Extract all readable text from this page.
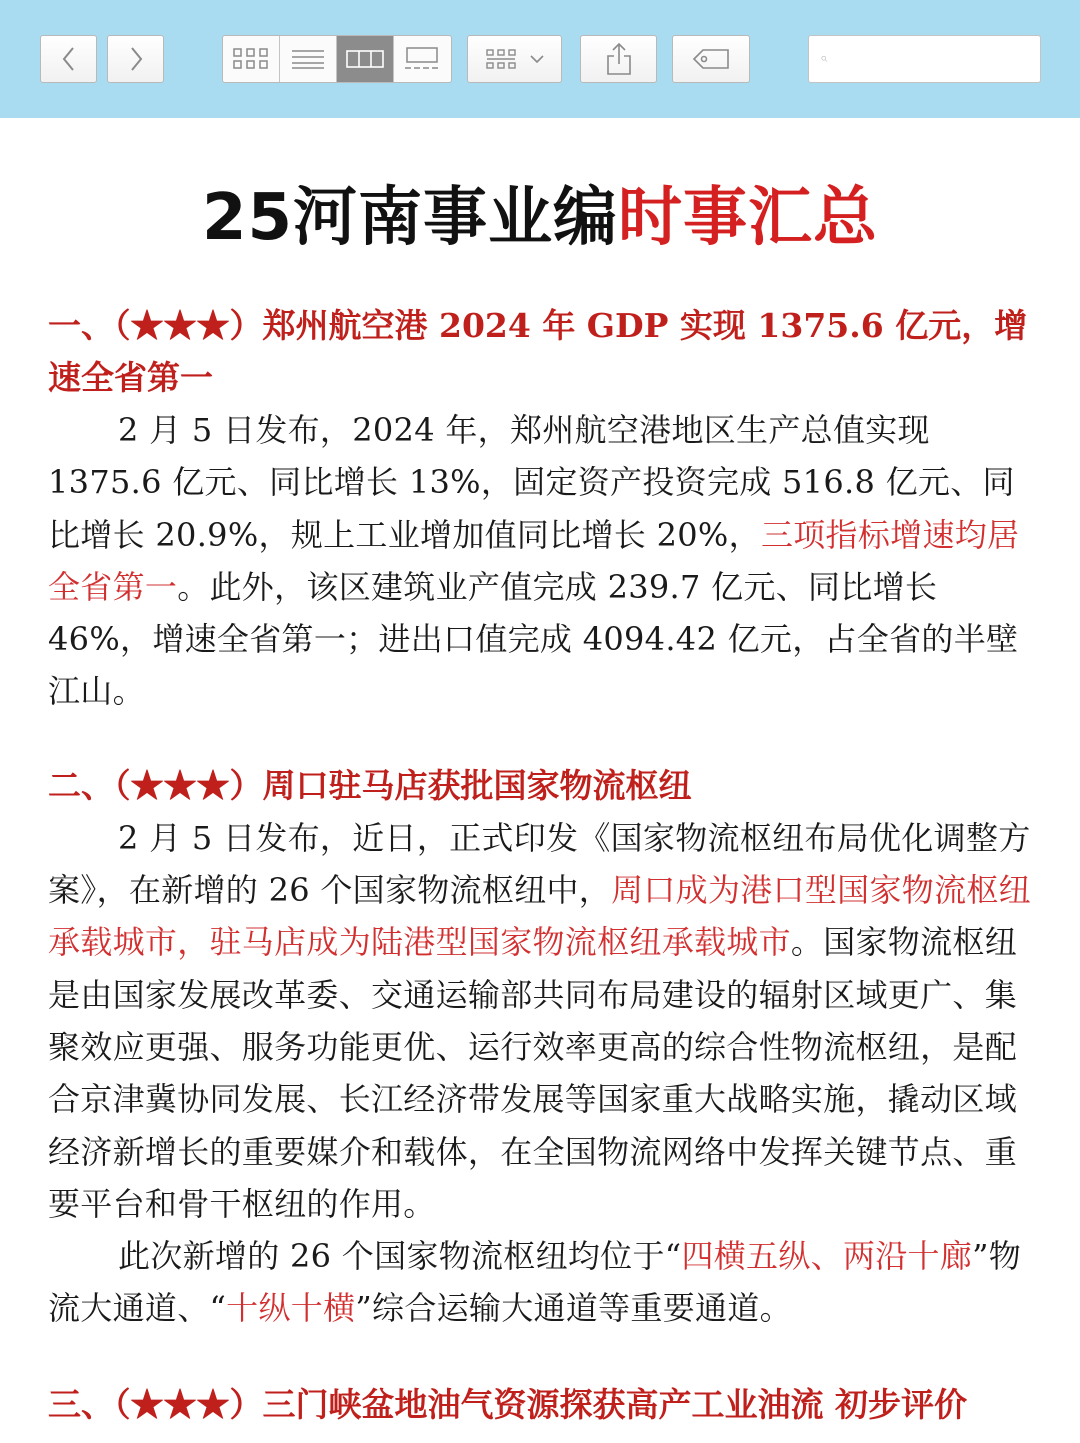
25河南事业编时事汇总

一、（★★★）郑州航空港 2024 年 GDP 实现 1375.6 亿元，增速全省第一

2 月 5 日发布，2024 年，郑州航空港地区生产总值实现 1375.6 亿元、同比增长 13%，固定资产投资完成 516.8 亿元、同比增长 20.9%，规上工业增加值同比增长 20%，三项指标增速均居全省第一。此外，该区建筑业产值完成 239.7 亿元、同比增长 46%，增速全省第一；进出口值完成 4094.42 亿元，占全省的半壁江山。

二、（★★★）周口驻马店获批国家物流枢纽

2 月 5 日发布，近日，正式印发《国家物流枢纽布局优化调整方案》，在新增的 26 个国家物流枢纽中，周口成为港口型国家物流枢纽承载城市，驻马店成为陆港型国家物流枢纽承载城市。国家物流枢纽是由国家发展改革委、交通运输部共同布局建设的辐射区域更广、集聚效应更强、服务功能更优、运行效率更高的综合性物流枢纽，是配合京津冀协同发展、长江经济带发展等国家重大战略实施，撬动区域经济新增长的重要媒介和载体，在全国物流网络中发挥关键节点、重要平台和骨干枢纽的作用。

此次新增的 26 个国家物流枢纽均位于“四横五纵、两沿十廊”物流大通道、“十纵十横”综合运输大通道等重要通道。

三、（★★★）三门峡盆地油气资源探获高产工业油流 初步评价
